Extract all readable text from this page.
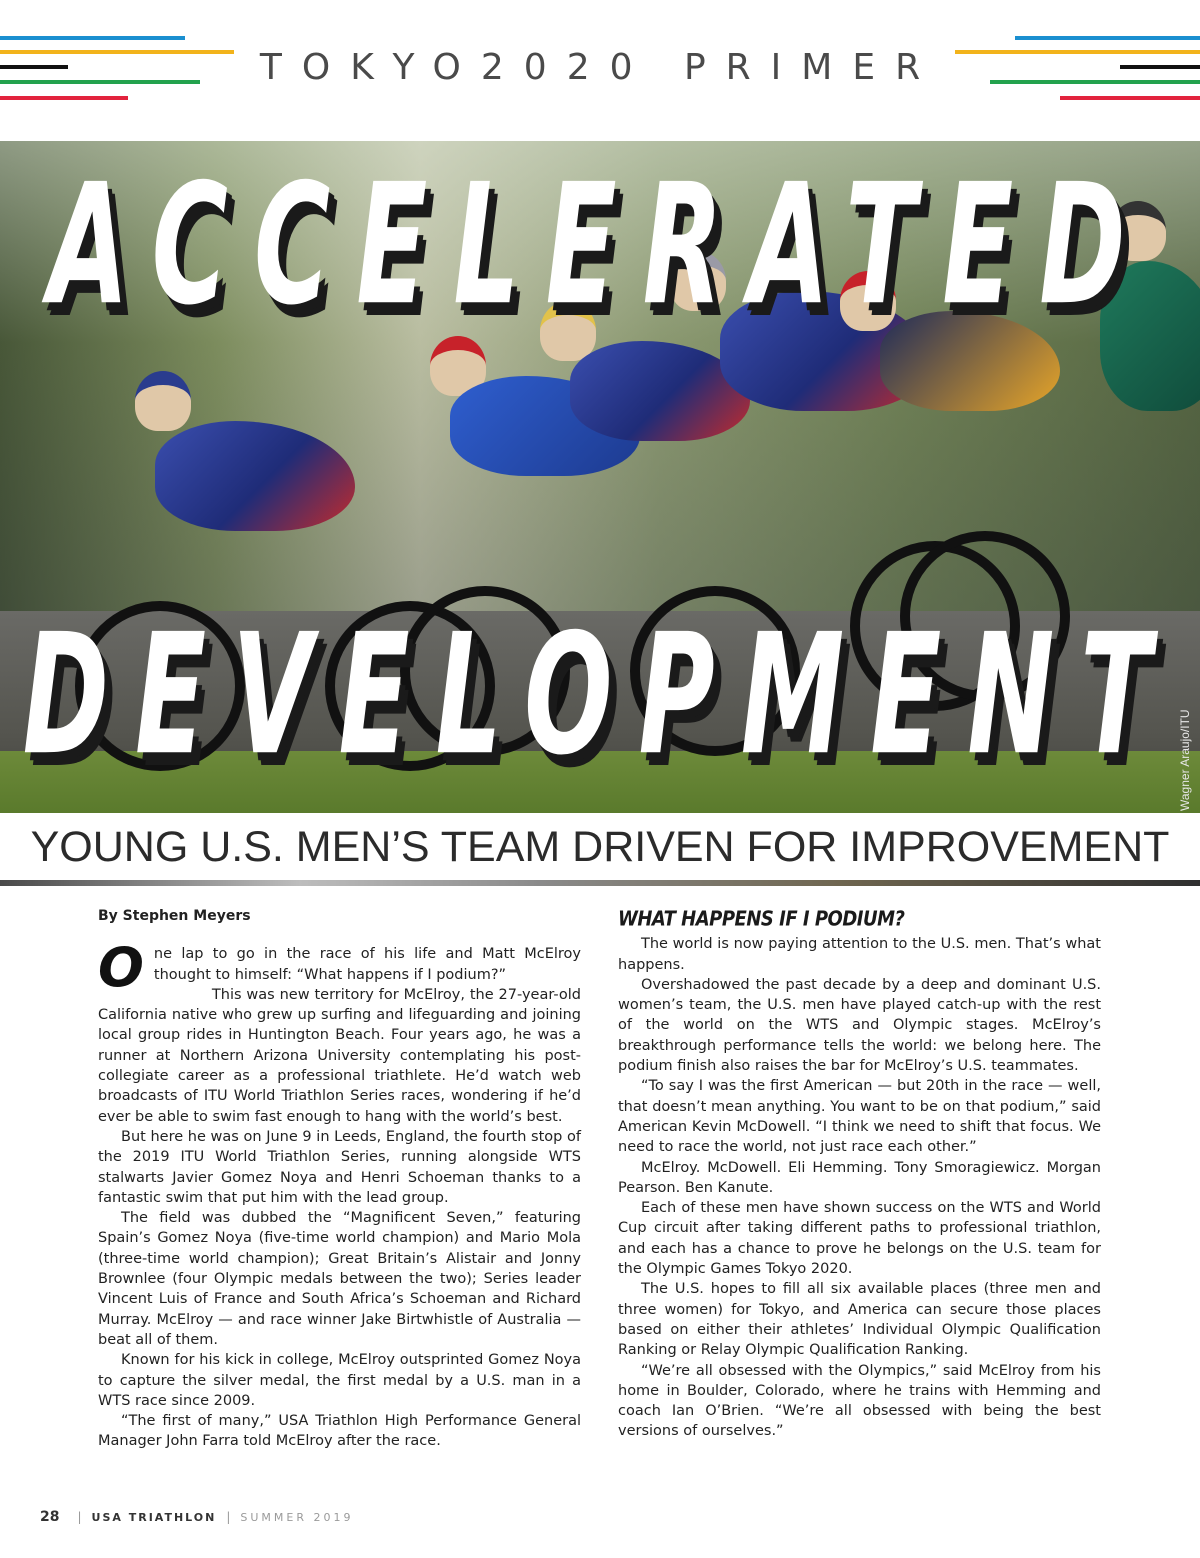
TOKYO2020 PRIMER
ACCELERATED
DEVELOPMENT Wagner Araujo/ITU
YOUNG U.S. MEN’S TEAM DRIVEN FOR IMPROVEMENT
By Stephen Meyers

One lap to go in the race of his life and Matt McElroy thought to himself: “What happens if I podium?”

This was new territory for McElroy, the 27-year-old California native who grew up surfing and lifeguarding and joining local group rides in Huntington Beach. Four years ago, he was a runner at Northern Arizona University contemplating his post-collegiate career as a professional triathlete. He’d watch web broadcasts of ITU World Triathlon Series races, wondering if he’d ever be able to swim fast enough to hang with the world’s best.

But here he was on June 9 in Leeds, England, the fourth stop of the 2019 ITU World Triathlon Series, running alongside WTS stalwarts Javier Gomez Noya and Henri Schoeman thanks to a fantastic swim that put him with the lead group.

The field was dubbed the “Magnificent Seven,” featuring Spain’s Gomez Noya (five-time world champion) and Mario Mola (three-time world champion); Great Britain’s Alistair and Jonny Brownlee (four Olympic medals between the two); Series leader Vincent Luis of France and South Africa’s Schoeman and Richard Murray. McElroy — and race winner Jake Birtwhistle of Australia — beat all of them.

Known for his kick in college, McElroy outsprinted Gomez Noya to capture the silver medal, the first medal by a U.S. man in a WTS race since 2009.

“The first of many,” USA Triathlon High Performance General Manager John Farra told McElroy after the race.

WHAT HAPPENS IF I PODIUM?

The world is now paying attention to the U.S. men. That’s what happens.

Overshadowed the past decade by a deep and dominant U.S. women’s team, the U.S. men have played catch-up with the rest of the world on the WTS and Olympic stages. McElroy’s breakthrough performance tells the world: we belong here. The podium finish also raises the bar for McElroy’s U.S. teammates.

“To say I was the first American — but 20th in the race — well, that doesn’t mean anything. You want to be on that podium,” said American Kevin McDowell. “I think we need to shift that focus. We need to race the world, not just race each other.”

McElroy. McDowell. Eli Hemming. Tony Smoragiewicz. Morgan Pearson. Ben Kanute.

Each of these men have shown success on the WTS and World Cup circuit after taking different paths to professional triathlon, and each has a chance to prove he belongs on the U.S. team for the Olympic Games Tokyo 2020.

The U.S. hopes to fill all six available places (three men and three women) for Tokyo, and America can secure those places based on either their athletes’ Individual Olympic Qualification Ranking or Relay Olympic Qualification Ranking.

“We’re all obsessed with the Olympics,” said McElroy from his home in Boulder, Colorado, where he trains with Hemming and coach Ian O’Brien. “We’re all obsessed with being the best versions of ourselves.”

28 | USA TRIATHLON | SUMMER 2019
